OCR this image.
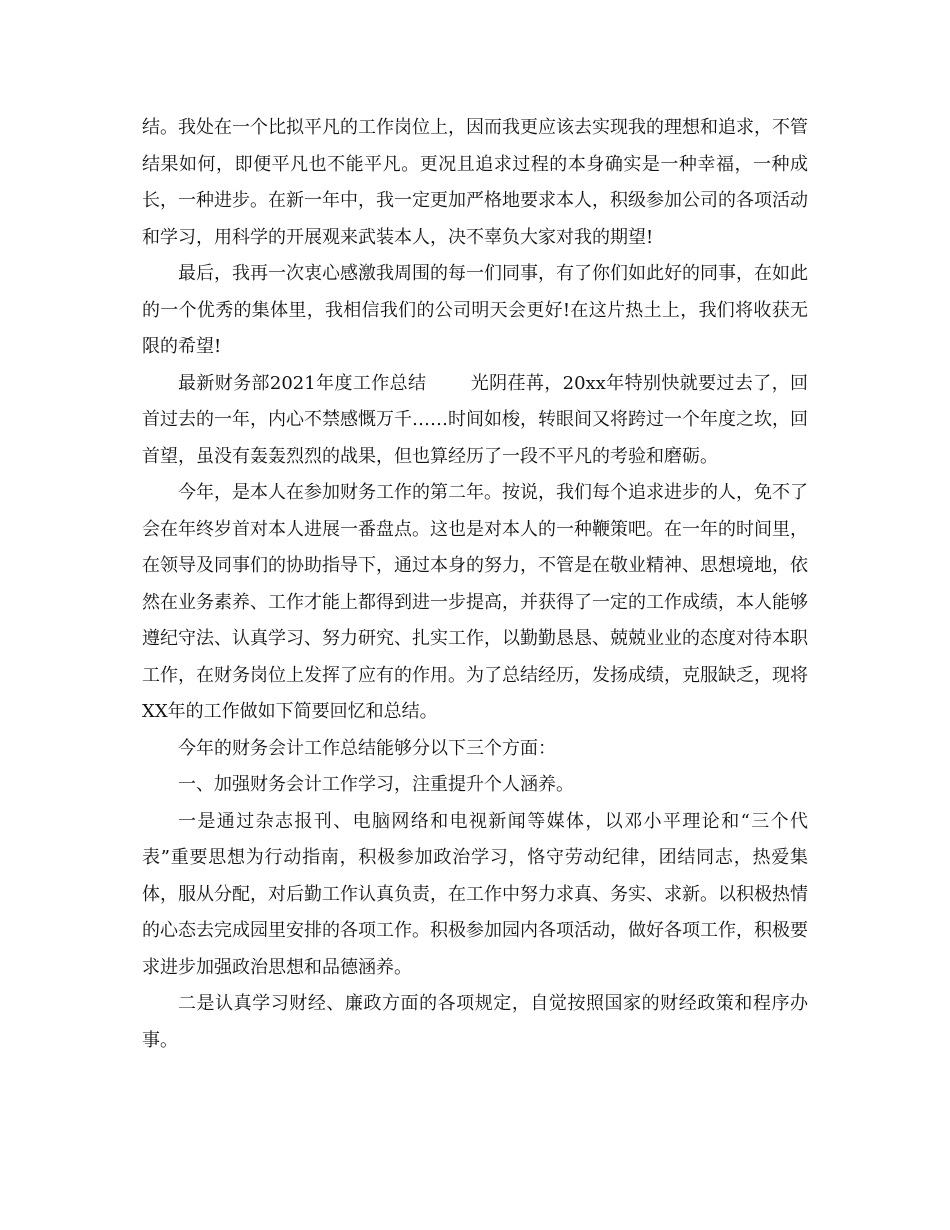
结。我处在一个比拟平凡的工作岗位上，因而我更应该去实现我的理想和追求，不管结果如何，即便平凡也不能平凡。更况且追求过程的本身确实是一种幸福，一种成长，一种进步。在新一年中，我一定更加严格地要求本人，积级参加公司的各项活动和学习，用科学的开展观来武装本人，决不辜负大家对我的期望!

最后，我再一次衷心感激我周围的每一们同事，有了你们如此好的同事，在如此的一个优秀的集体里，我相信我们的公司明天会更好!在这片热土上，我们将收获无限的希望!

最新财务部2021年度工作总结 光阴荏苒，20xx年特别快就要过去了，回首过去的一年，内心不禁感慨万千……时间如梭，转眼间又将跨过一个年度之坎，回首望，虽没有轰轰烈烈的战果，但也算经历了一段不平凡的考验和磨砺。

今年，是本人在参加财务工作的第二年。按说，我们每个追求进步的人，免不了会在年终岁首对本人进展一番盘点。这也是对本人的一种鞭策吧。在一年的时间里，在领导及同事们的协助指导下，通过本身的努力，不管是在敬业精神、思想境地，依然在业务素养、工作才能上都得到进一步提高，并获得了一定的工作成绩，本人能够遵纪守法、认真学习、努力研究、扎实工作，以勤勤恳恳、兢兢业业的态度对待本职工作，在财务岗位上发挥了应有的作用。为了总结经历，发扬成绩，克服缺乏，现将XX年的工作做如下简要回忆和总结。

今年的财务会计工作总结能够分以下三个方面：

一、加强财务会计工作学习，注重提升个人涵养。

一是通过杂志报刊、电脑网络和电视新闻等媒体，以邓小平理论和“三个代表”重要思想为行动指南，积极参加政治学习，恪守劳动纪律，团结同志，热爱集体，服从分配，对后勤工作认真负责，在工作中努力求真、务实、求新。以积极热情的心态去完成园里安排的各项工作。积极参加园内各项活动，做好各项工作，积极要求进步加强政治思想和品德涵养。

二是认真学习财经、廉政方面的各项规定，自觉按照国家的财经政策和程序办事。
